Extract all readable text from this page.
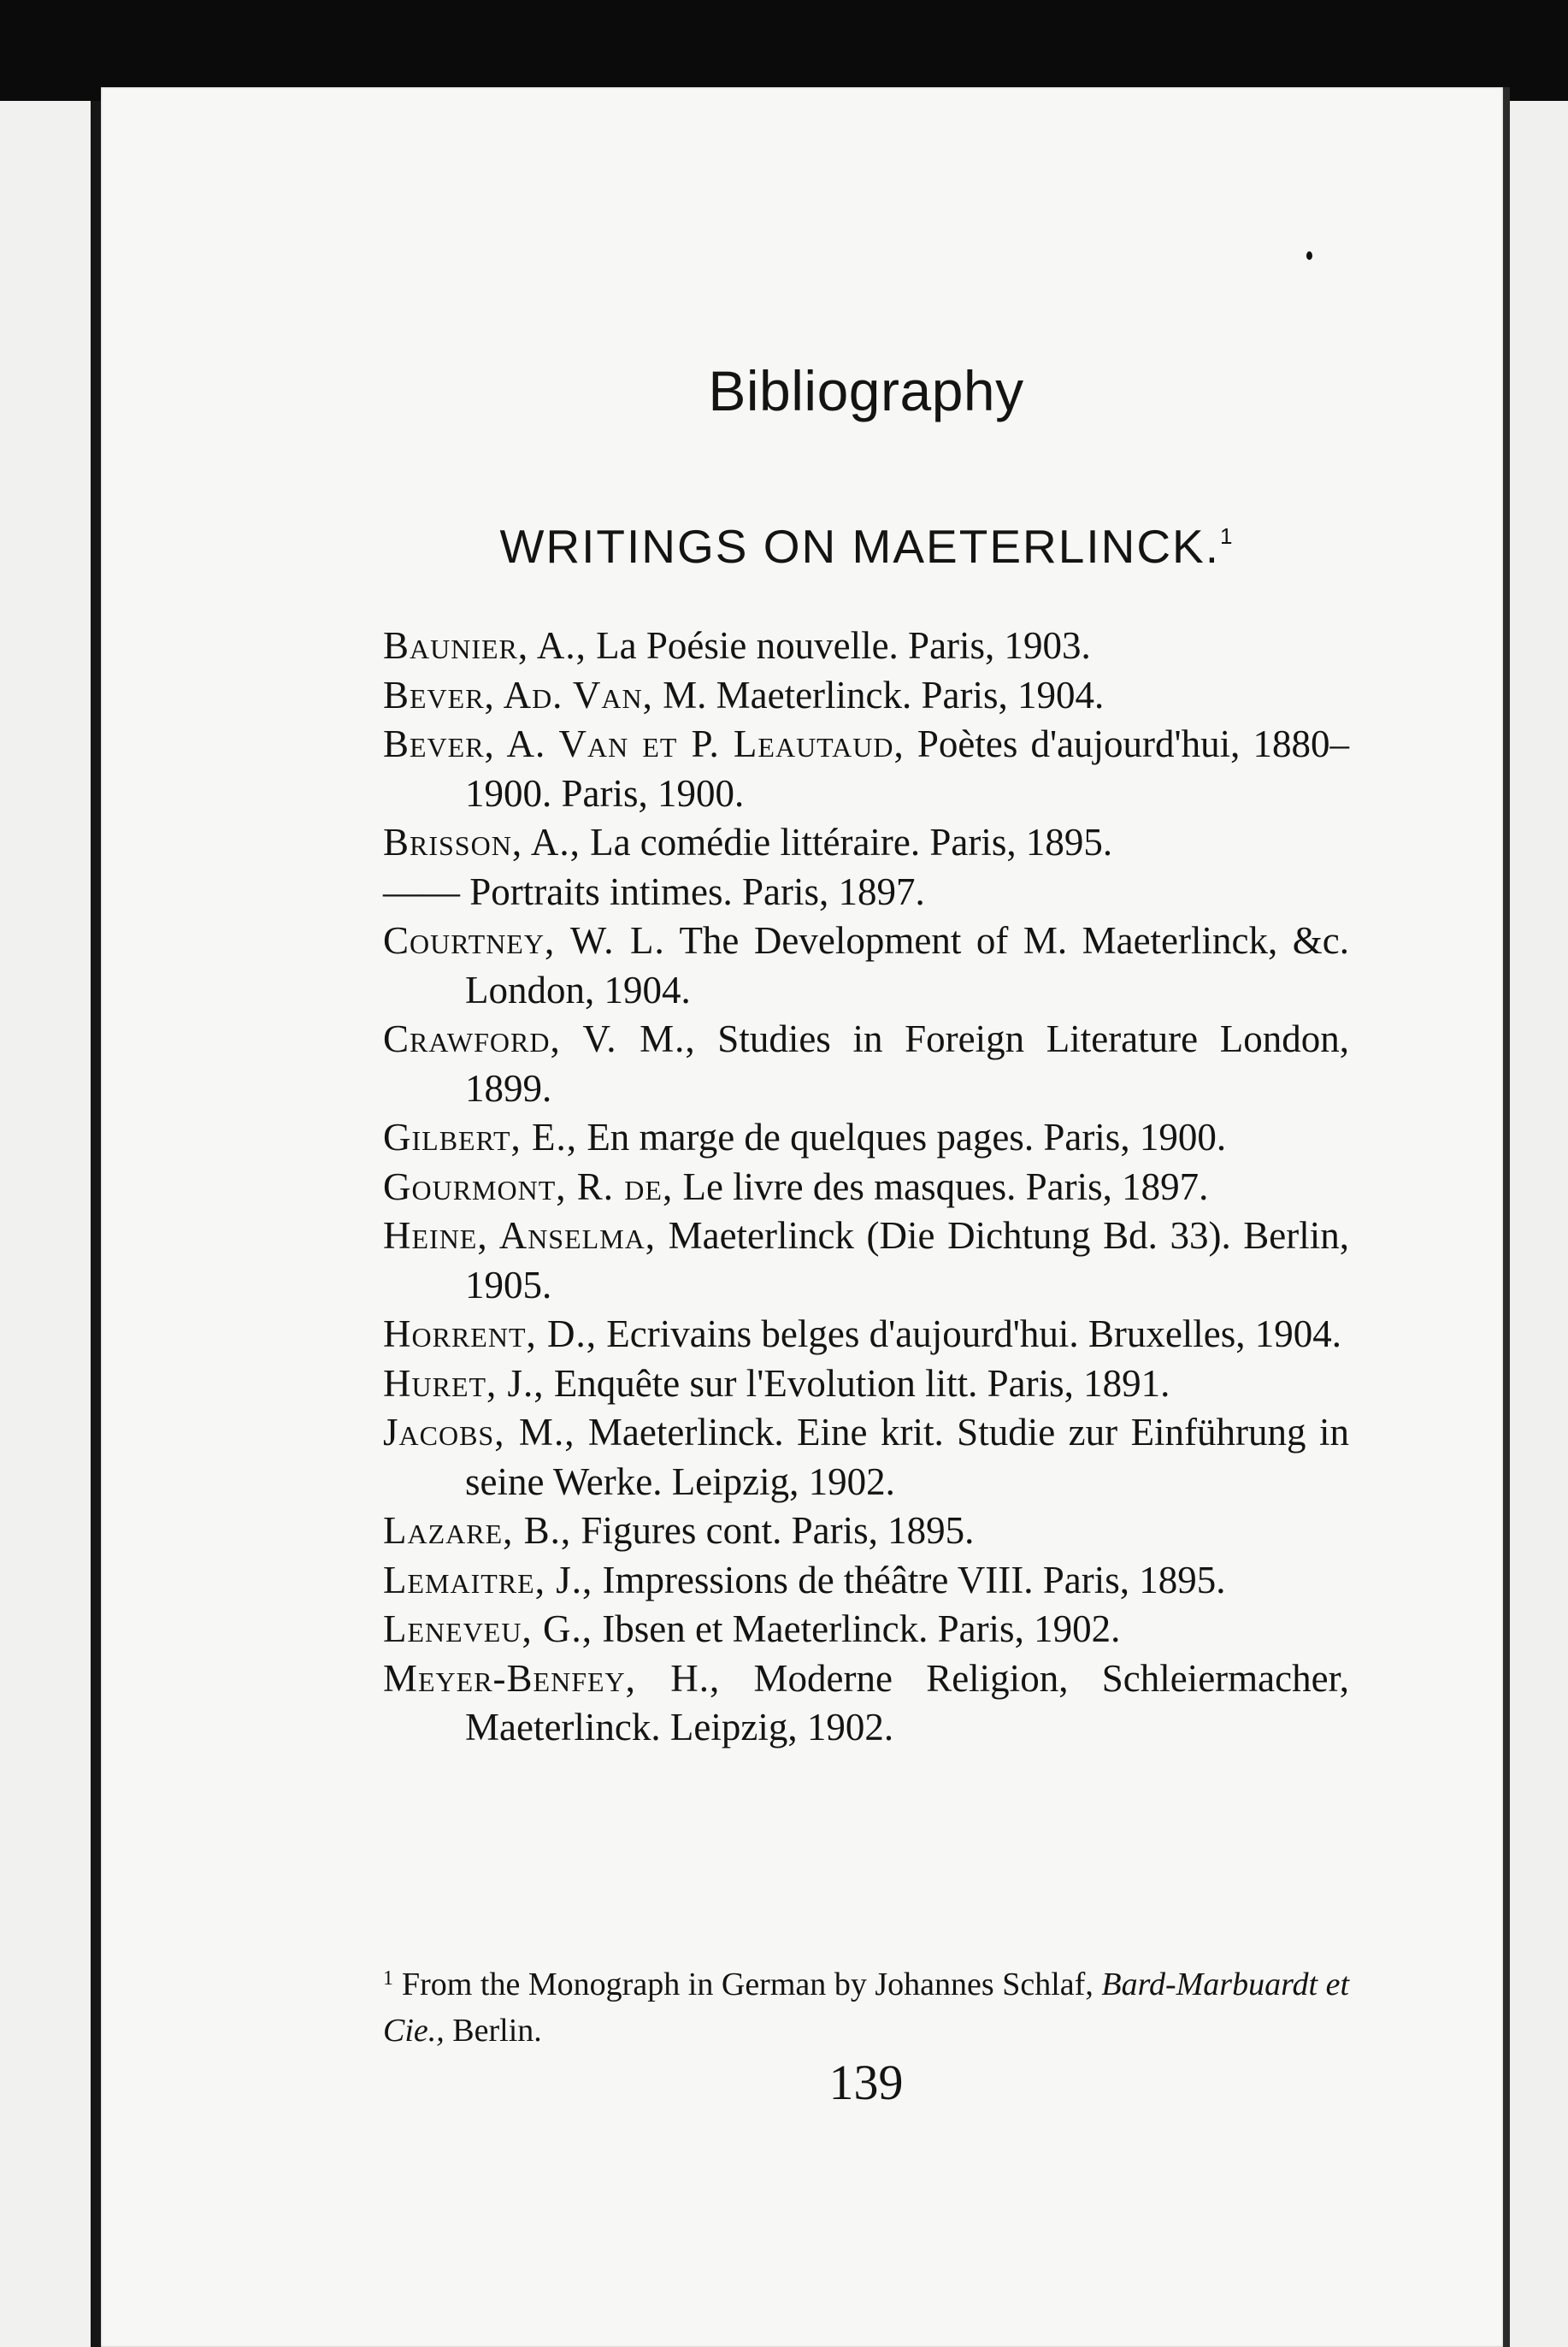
Bibliography
WRITINGS ON MAETERLINCK.$^1$
Baunier, A., La Poésie nouvelle. Paris, 1903.
Bever, Ad. Van, M. Maeterlinck. Paris, 1904.
Bever, A. Van et P. Leautaud, Poètes d'aujourd'hui, 1880–1900. Paris, 1900.
Brisson, A., La comédie littéraire. Paris, 1895.
—— Portraits intimes. Paris, 1897.
Courtney, W. L. The Development of M. Maeterlinck, &c. London, 1904.
Crawford, V. M., Studies in Foreign Literature London, 1899.
Gilbert, E., En marge de quelques pages. Paris, 1900.
Gourmont, R. de, Le livre des masques. Paris, 1897.
Heine, Anselma, Maeterlinck (Die Dichtung Bd. 33). Berlin, 1905.
Horrent, D., Ecrivains belges d'aujourd'hui. Bruxelles, 1904.
Huret, J., Enquête sur l'Evolution litt. Paris, 1891.
Jacobs, M., Maeterlinck. Eine krit. Studie zur Einführung in seine Werke. Leipzig, 1902.
Lazare, B., Figures cont. Paris, 1895.
Lemaitre, J., Impressions de théâtre VIII. Paris, 1895.
Leneveu, G., Ibsen et Maeterlinck. Paris, 1902.
Meyer-Benfey, H., Moderne Religion, Schleiermacher, Maeterlinck. Leipzig, 1902.
$^1$ From the Monograph in German by Johannes Schlaf, Bard-Marbuardt et Cie., Berlin.
139
